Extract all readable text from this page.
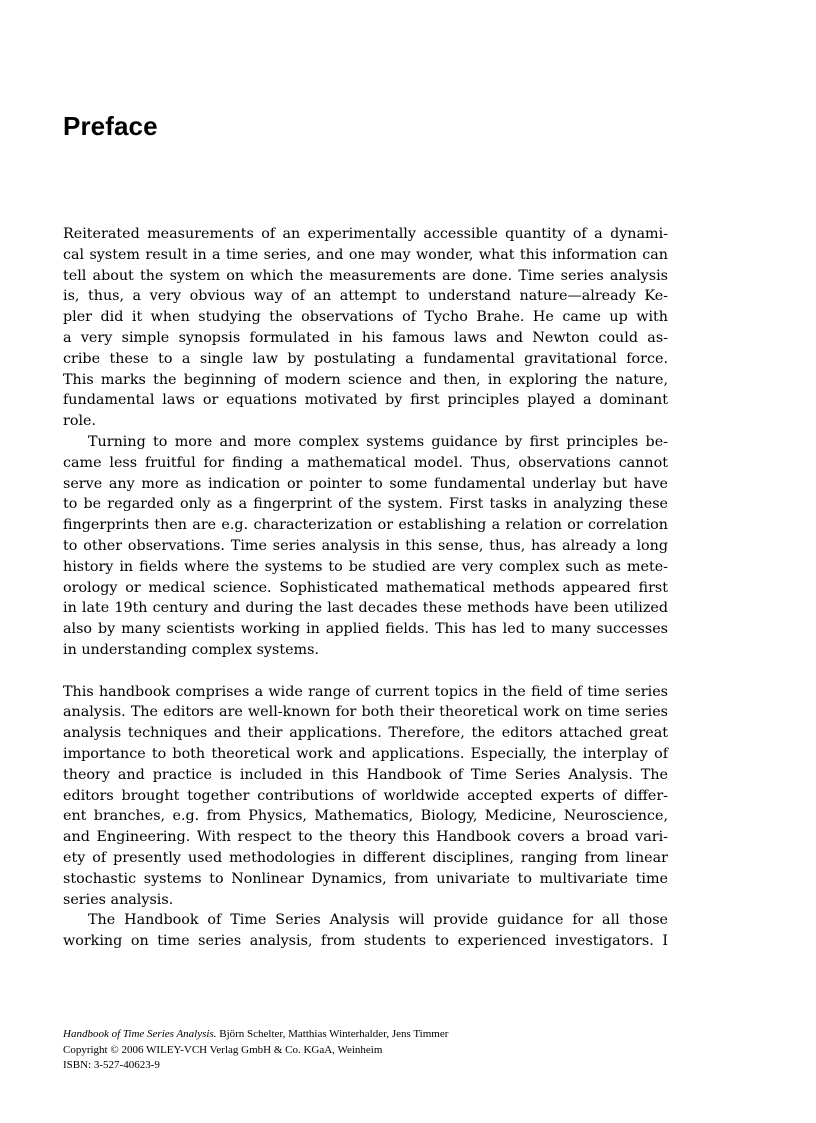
Preface
Reiterated measurements of an experimentally accessible quantity of a dynami-
cal system result in a time series, and one may wonder, what this information can
tell about the system on which the measurements are done. Time series analysis
is, thus, a very obvious way of an attempt to understand nature—already Ke-
pler did it when studying the observations of Tycho Brahe. He came up with
a very simple synopsis formulated in his famous laws and Newton could as-
cribe these to a single law by postulating a fundamental gravitational force.
This marks the beginning of modern science and then, in exploring the nature,
fundamental laws or equations motivated by first principles played a dominant
role.
Turning to more and more complex systems guidance by first principles be-
came less fruitful for finding a mathematical model. Thus, observations cannot
serve any more as indication or pointer to some fundamental underlay but have
to be regarded only as a fingerprint of the system. First tasks in analyzing these
fingerprints then are e.g. characterization or establishing a relation or correlation
to other observations. Time series analysis in this sense, thus, has already a long
history in fields where the systems to be studied are very complex such as mete-
orology or medical science. Sophisticated mathematical methods appeared first
in late 19th century and during the last decades these methods have been utilized
also by many scientists working in applied fields. This has led to many successes
in understanding complex systems.
This handbook comprises a wide range of current topics in the field of time series
analysis. The editors are well-known for both their theoretical work on time series
analysis techniques and their applications. Therefore, the editors attached great
importance to both theoretical work and applications. Especially, the interplay of
theory and practice is included in this Handbook of Time Series Analysis. The
editors brought together contributions of worldwide accepted experts of differ-
ent branches, e.g. from Physics, Mathematics, Biology, Medicine, Neuroscience,
and Engineering. With respect to the theory this Handbook covers a broad vari-
ety of presently used methodologies in different disciplines, ranging from linear
stochastic systems to Nonlinear Dynamics, from univariate to multivariate time
series analysis.
The Handbook of Time Series Analysis will provide guidance for all those
working on time series analysis, from students to experienced investigators. I
Handbook of Time Series Analysis. Björn Schelter, Matthias Winterhalder, Jens Timmer
Copyright © 2006 WILEY-VCH Verlag GmbH & Co. KGaA, Weinheim
ISBN: 3-527-40623-9
